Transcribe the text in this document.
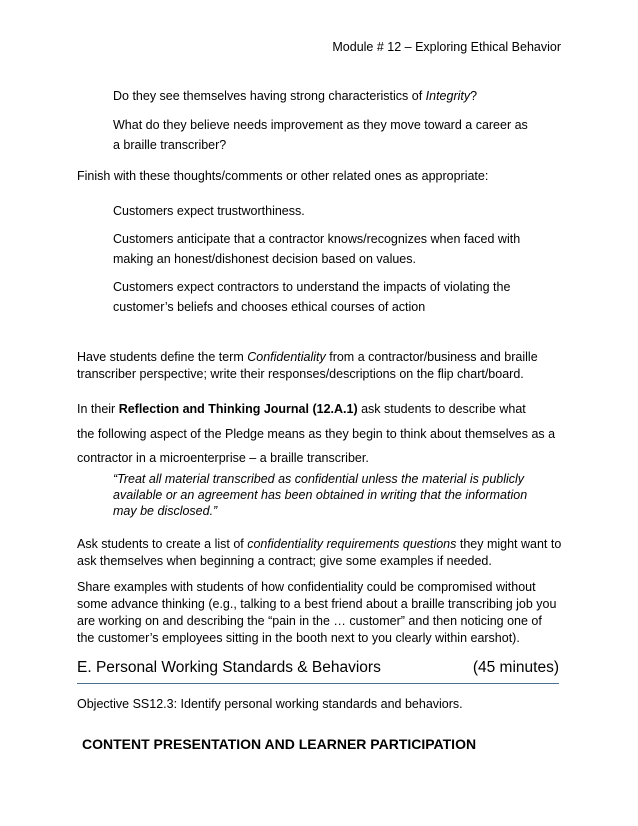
Module # 12 – Exploring Ethical Behavior
Do they see themselves having strong characteristics of Integrity?
What do they believe needs improvement as they move toward a career as
a braille transcriber?
Finish with these thoughts/comments or other related ones as appropriate:
Customers expect trustworthiness.
Customers anticipate that a contractor knows/recognizes when faced with
making an honest/dishonest decision based on values.
Customers expect contractors to understand the impacts of violating the
customer’s beliefs and chooses ethical courses of action
Have students define the term Confidentiality from a contractor/business and braille
transcriber perspective; write their responses/descriptions on the flip chart/board.
In their Reflection and Thinking Journal (12.A.1) ask students to describe what
the following aspect of the Pledge means as they begin to think about themselves as a
contractor in a microenterprise – a braille transcriber.
“Treat all material transcribed as confidential unless the material is publicly
available or an agreement has been obtained in writing that the information
may be disclosed.”
Ask students to create a list of confidentiality requirements questions they might want to
ask themselves when beginning a contract; give some examples if needed.
Share examples with students of how confidentiality could be compromised without
some advance thinking (e.g., talking to a best friend about a braille transcribing job you
are working on and describing the “pain in the … customer” and then noticing one of
the customer’s employees sitting in the booth next to you clearly within earshot).
E. Personal Working Standards & Behaviors	(45 minutes)
Objective SS12.3: Identify personal working standards and behaviors.
CONTENT PRESENTATION AND LEARNER PARTICIPATION
